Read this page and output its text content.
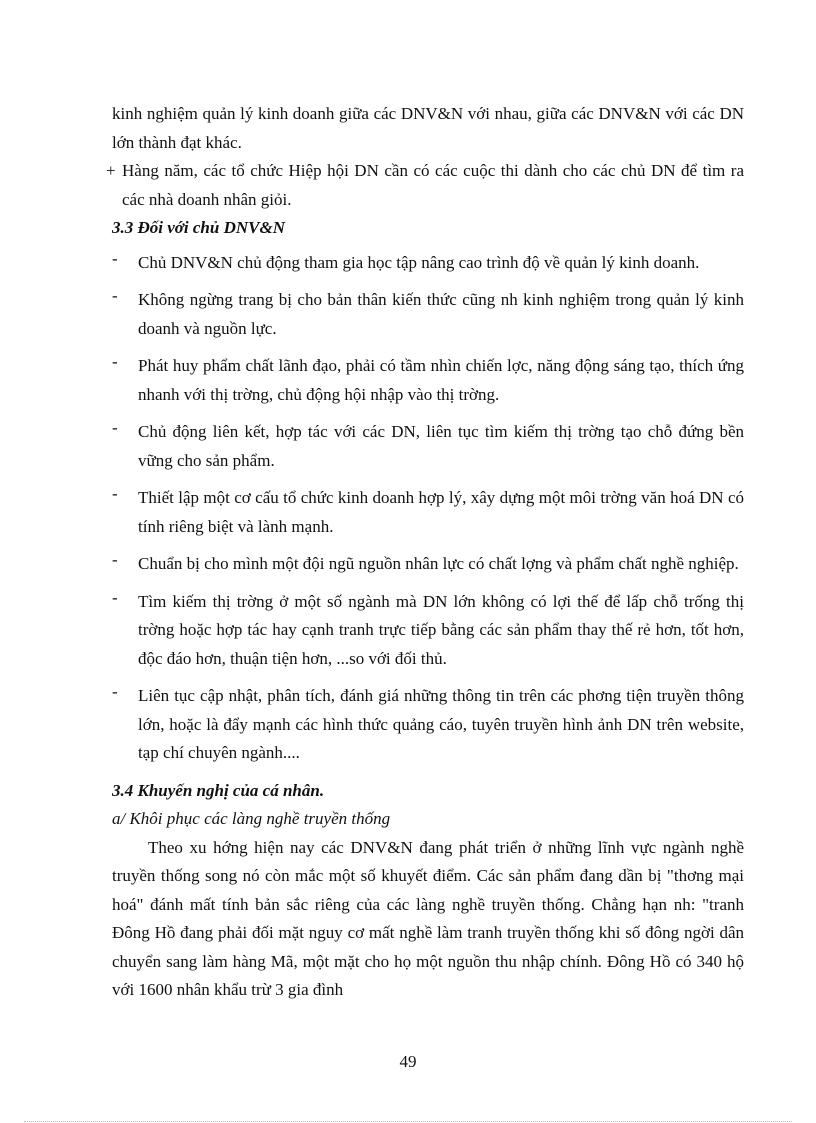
kinh nghiệm quản lý kinh doanh giữa các DNV&N với nhau, giữa các DNV&N với các DN lớn thành đạt khác.

+ Hàng năm, các tổ chức Hiệp hội DN cần có các cuộc thi dành cho các chủ DN để tìm ra các nhà doanh nhân giỏi.

3.3 Đối với chủ DNV&N

- Chủ DNV&N chủ động tham gia học tập nâng cao trình độ về quản lý kinh doanh.
- Không ngừng trang bị cho bản thân kiến thức cũng nh kinh nghiệm trong quản lý kinh doanh và nguồn lực.
- Phát huy phẩm chất lãnh đạo, phải có tầm nhìn chiến lợc, năng động sáng tạo, thích ứng nhanh với thị trờng, chủ động hội nhập vào thị trờng.
- Chủ động liên kết, hợp tác với các DN, liên tục tìm kiếm thị trờng tạo chỗ đứng bền vững cho sản phẩm.
- Thiết lập một cơ cấu tổ chức kinh doanh hợp lý, xây dựng một môi trờng văn hoá DN có tính riêng biệt và lành mạnh.
- Chuẩn bị cho mình một đội ngũ nguồn nhân lực có chất lợng và phẩm chất nghề nghiệp.
- Tìm kiếm thị trờng ở một số ngành mà DN lớn không có lợi thế để lấp chỗ trống thị trờng hoặc hợp tác hay cạnh tranh trực tiếp bằng các sản phẩm thay thế rẻ hơn, tốt hơn, độc đáo hơn, thuận tiện hơn, ...so với đối thủ.
- Liên tục cập nhật, phân tích, đánh giá những thông tin trên các phơng tiện truyền thông lớn, hoặc là đẩy mạnh các hình thức quảng cáo, tuyên truyền hình ảnh DN trên website, tạp chí chuyên ngành....

3.4 Khuyến nghị của cá nhân.

a/ Khôi phục các làng nghề truyền thống

Theo xu hớng hiện nay các DNV&N đang phát triển ở những lĩnh vực ngành nghề truyền thống song nó còn mắc một số khuyết điểm. Các sản phẩm đang dần bị "thơng mại hoá" đánh mất tính bản sắc riêng của các làng nghề truyền thống. Chẳng hạn nh: "tranh Đông Hồ đang phải đối mặt nguy cơ mất nghề làm tranh truyền thống khi số đông ngời dân chuyển sang làm hàng Mã, một mặt cho họ một nguồn thu nhập chính. Đông Hồ có 340 hộ với 1600 nhân khẩu trừ 3 gia đình

49
